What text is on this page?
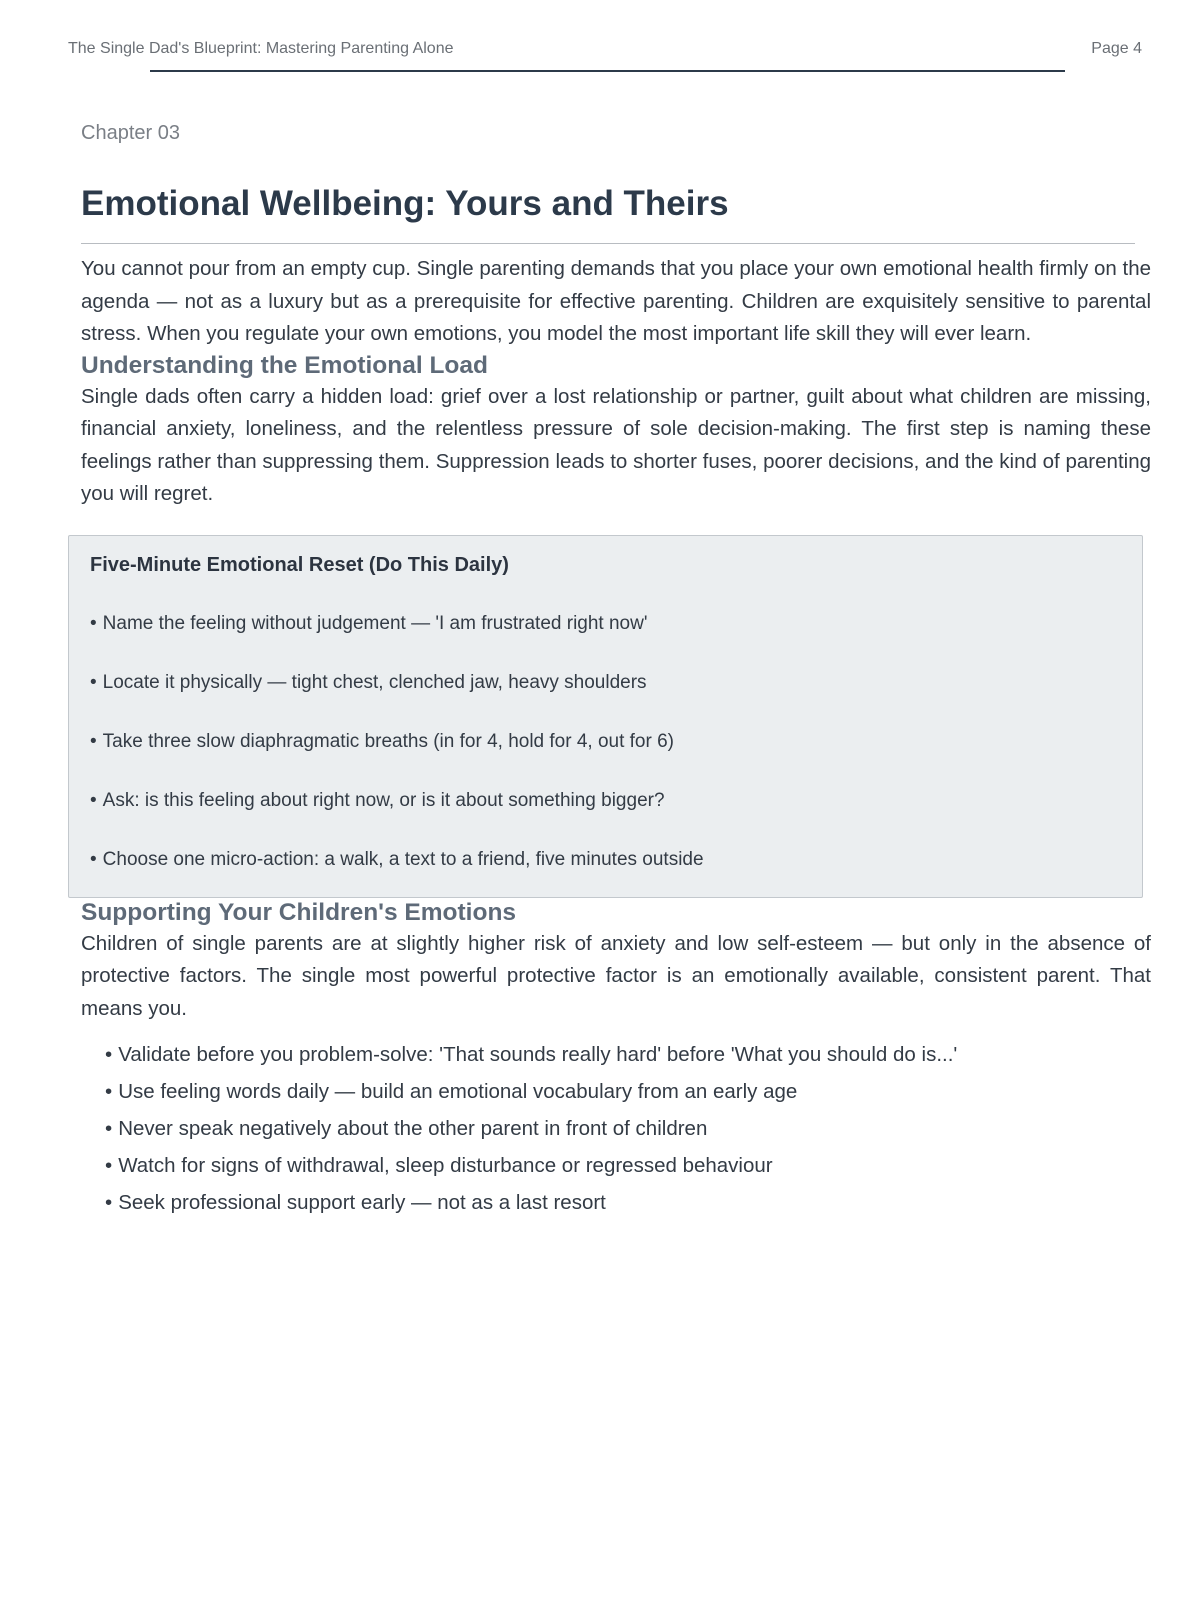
The Single Dad's Blueprint: Mastering Parenting Alone	Page 4

Chapter 03

Emotional Wellbeing: Yours and Theirs

You cannot pour from an empty cup. Single parenting demands that you place your own emotional health firmly on the agenda — not as a luxury but as a prerequisite for effective parenting. Children are exquisitely sensitive to parental stress. When you regulate your own emotions, you model the most important life skill they will ever learn.

Understanding the Emotional Load

Single dads often carry a hidden load: grief over a lost relationship or partner, guilt about what children are missing, financial anxiety, loneliness, and the relentless pressure of sole decision-making. The first step is naming these feelings rather than suppressing them. Suppression leads to shorter fuses, poorer decisions, and the kind of parenting you will regret.

Five-Minute Emotional Reset (Do This Daily)

• Name the feeling without judgement — 'I am frustrated right now'
• Locate it physically — tight chest, clenched jaw, heavy shoulders
• Take three slow diaphragmatic breaths (in for 4, hold for 4, out for 6)
• Ask: is this feeling about right now, or is it about something bigger?
• Choose one micro-action: a walk, a text to a friend, five minutes outside
Supporting Your Children's Emotions

Children of single parents are at slightly higher risk of anxiety and low self-esteem — but only in the absence of protective factors. The single most powerful protective factor is an emotionally available, consistent parent. That means you.

• Validate before you problem-solve: 'That sounds really hard' before 'What you should do is...'
• Use feeling words daily — build an emotional vocabulary from an early age
• Never speak negatively about the other parent in front of children
• Watch for signs of withdrawal, sleep disturbance or regressed behaviour
• Seek professional support early — not as a last resort
